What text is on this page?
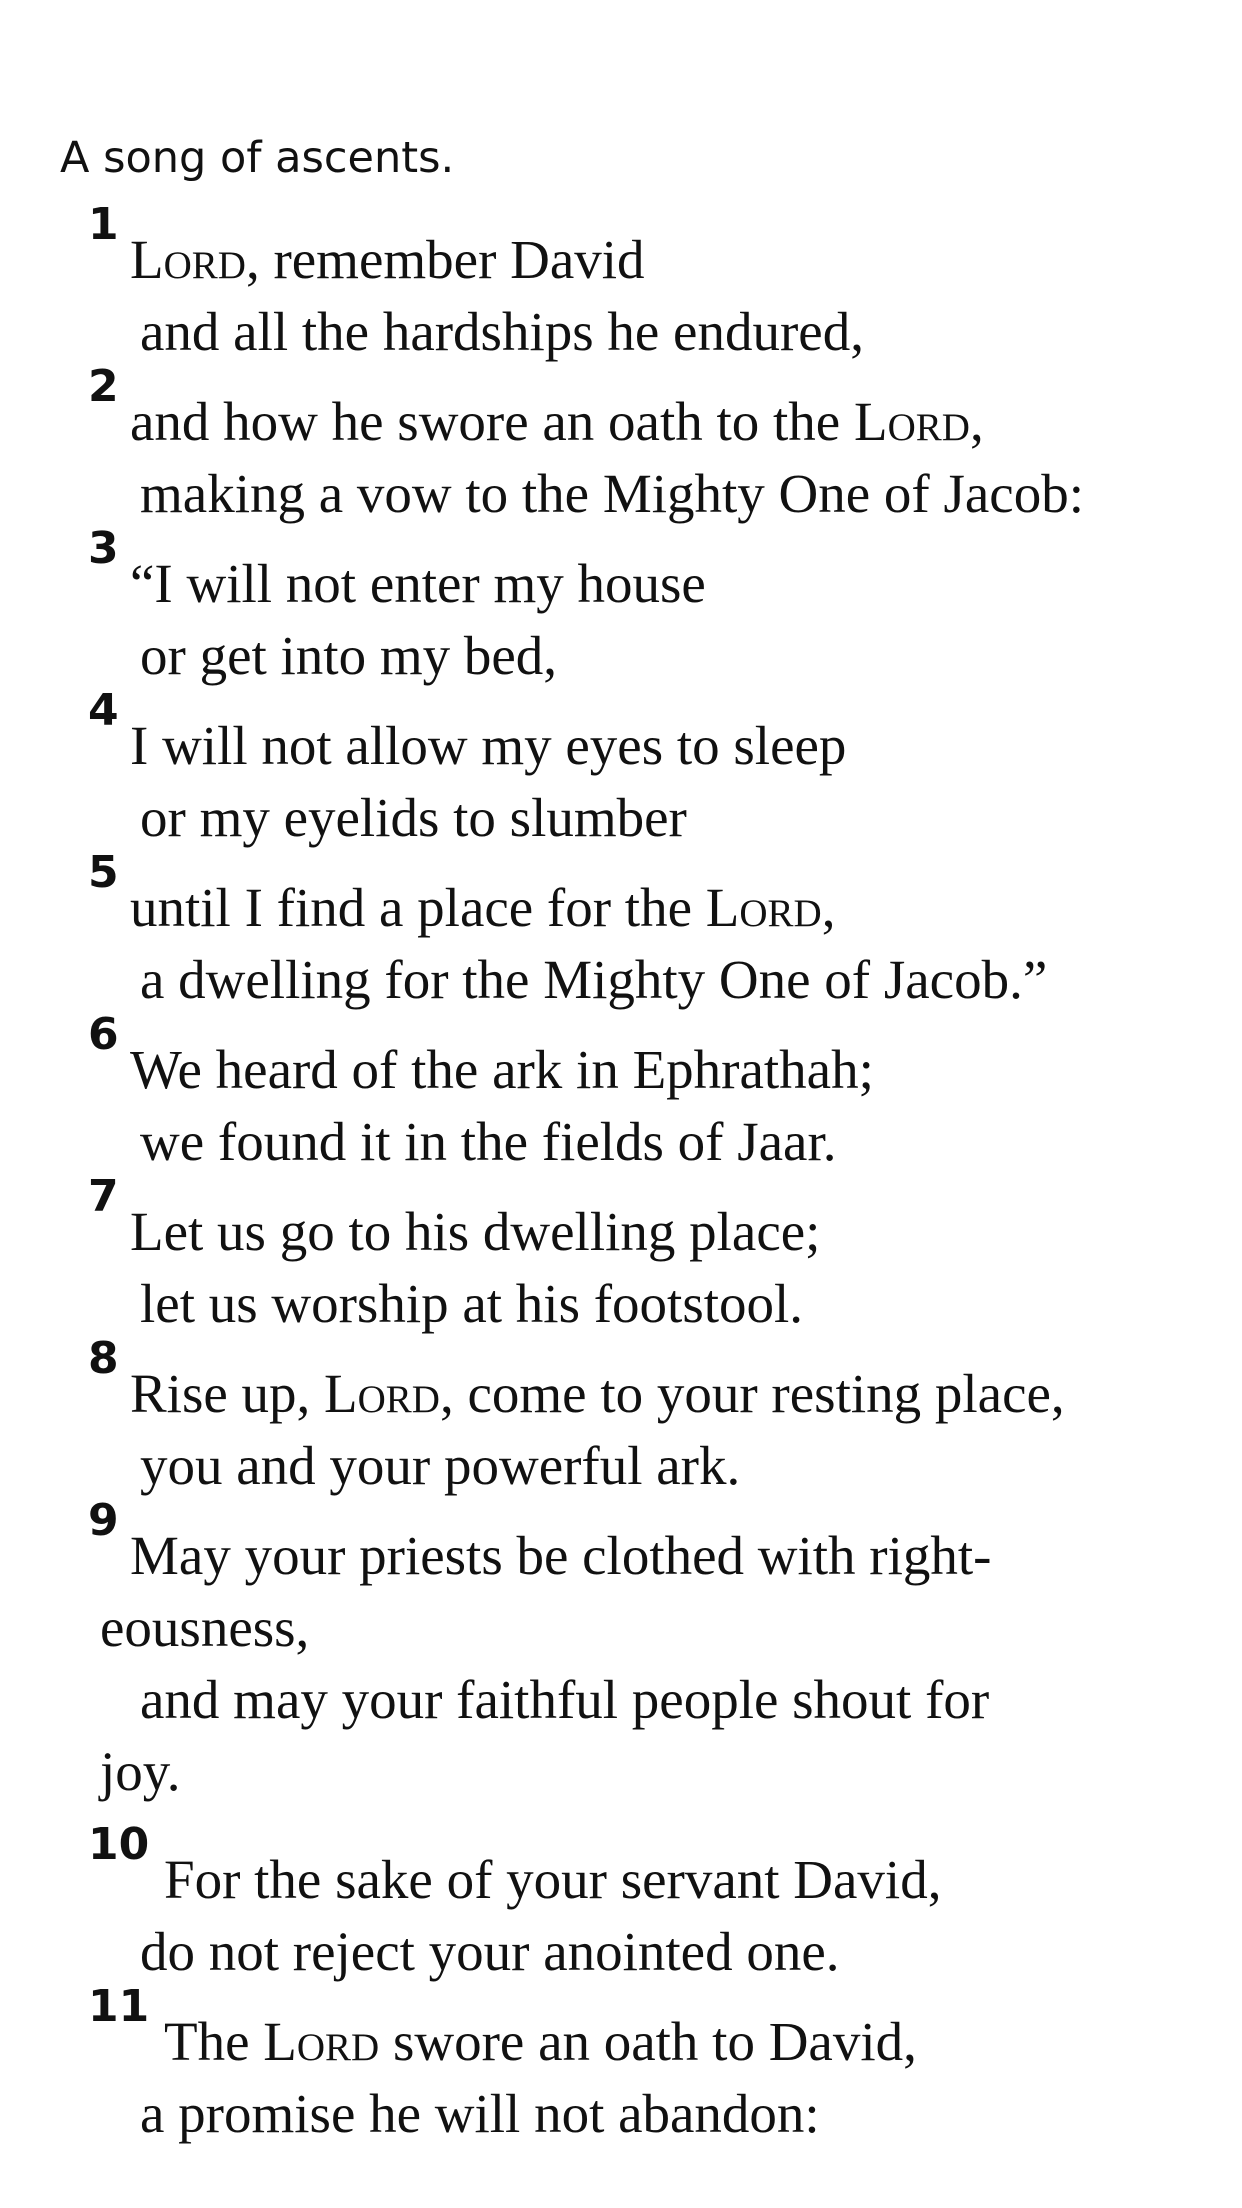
A song of ascents.
1
Lord, remember David
and all the hardships he endured,
2
and how he swore an oath to the Lord,
making a vow to the Mighty One of Jacob:
3
“I will not enter my house
or get into my bed,
4
I will not allow my eyes to sleep
or my eyelids to slumber
5
until I find a place for the Lord,
a dwelling for the Mighty One of Jacob.”
6
We heard of the ark in Ephrathah;
we found it in the fields of Jaar.
7
Let us go to his dwelling place;
let us worship at his footstool.
8
Rise up, Lord, come to your resting place,
you and your powerful ark.
9
May your priests be clothed with right-
eousness,
and may your faithful people shout for
joy.
10
For the sake of your servant David,
do not reject your anointed one.
11
The Lord swore an oath to David,
a promise he will not abandon:
